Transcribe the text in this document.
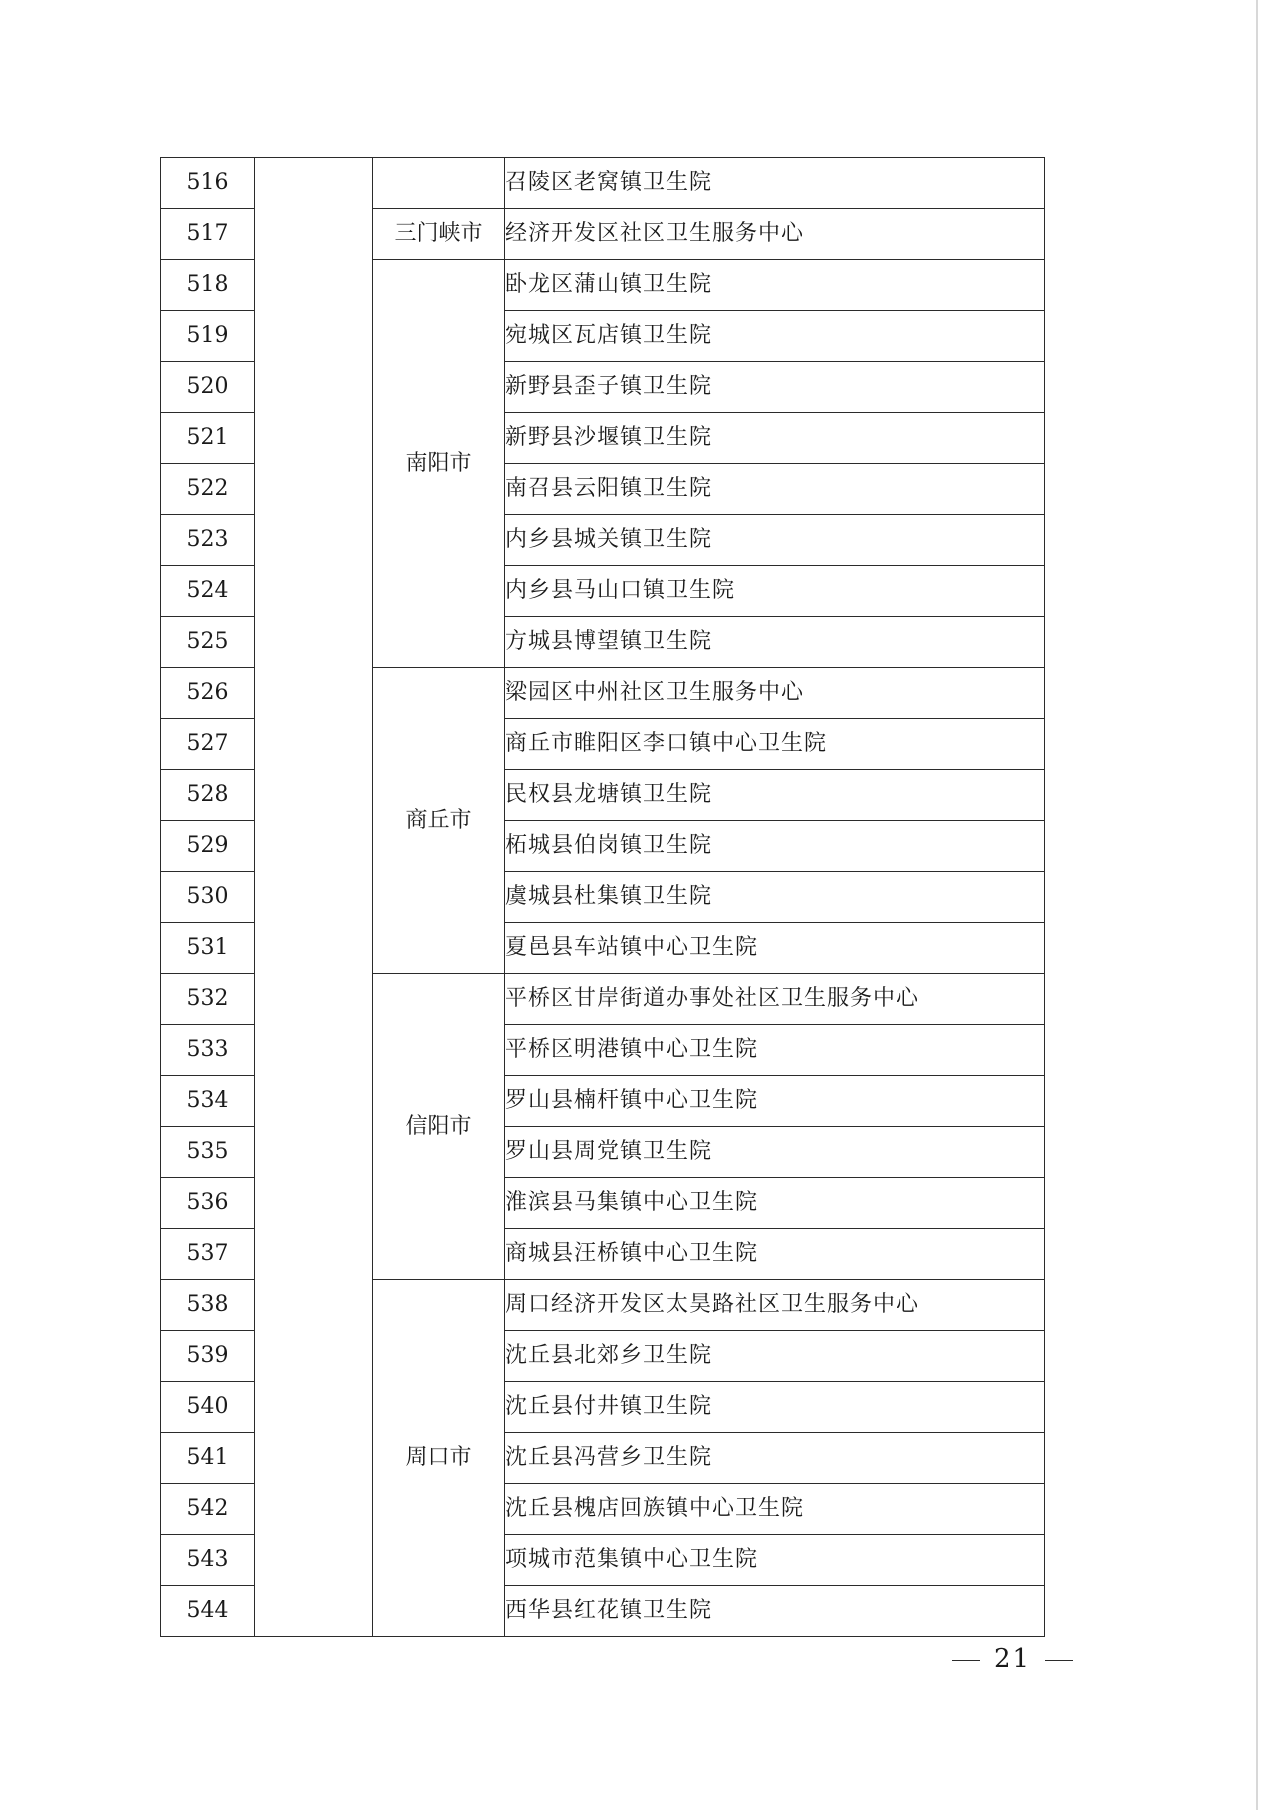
516			召陵区老窝镇卫生院
517		三门峡市	经济开发区社区卫生服务中心
518		南阳市	卧龙区蒲山镇卫生院
519			宛城区瓦店镇卫生院
520			新野县歪子镇卫生院
521			新野县沙堰镇卫生院
522			南召县云阳镇卫生院
523			内乡县城关镇卫生院
524			内乡县马山口镇卫生院
525			方城县博望镇卫生院
526		商丘市	梁园区中州社区卫生服务中心
527			商丘市睢阳区李口镇中心卫生院
528			民权县龙塘镇卫生院
529			柘城县伯岗镇卫生院
530			虞城县杜集镇卫生院
531			夏邑县车站镇中心卫生院
532		信阳市	平桥区甘岸街道办事处社区卫生服务中心
533			平桥区明港镇中心卫生院
534			罗山县楠杆镇中心卫生院
535			罗山县周党镇卫生院
536			淮滨县马集镇中心卫生院
537			商城县汪桥镇中心卫生院
538		周口市	周口经济开发区太昊路社区卫生服务中心
539			沈丘县北郊乡卫生院
540			沈丘县付井镇卫生院
541			沈丘县冯营乡卫生院
542			沈丘县槐店回族镇中心卫生院
543			项城市范集镇中心卫生院
544			西华县红花镇卫生院
21
